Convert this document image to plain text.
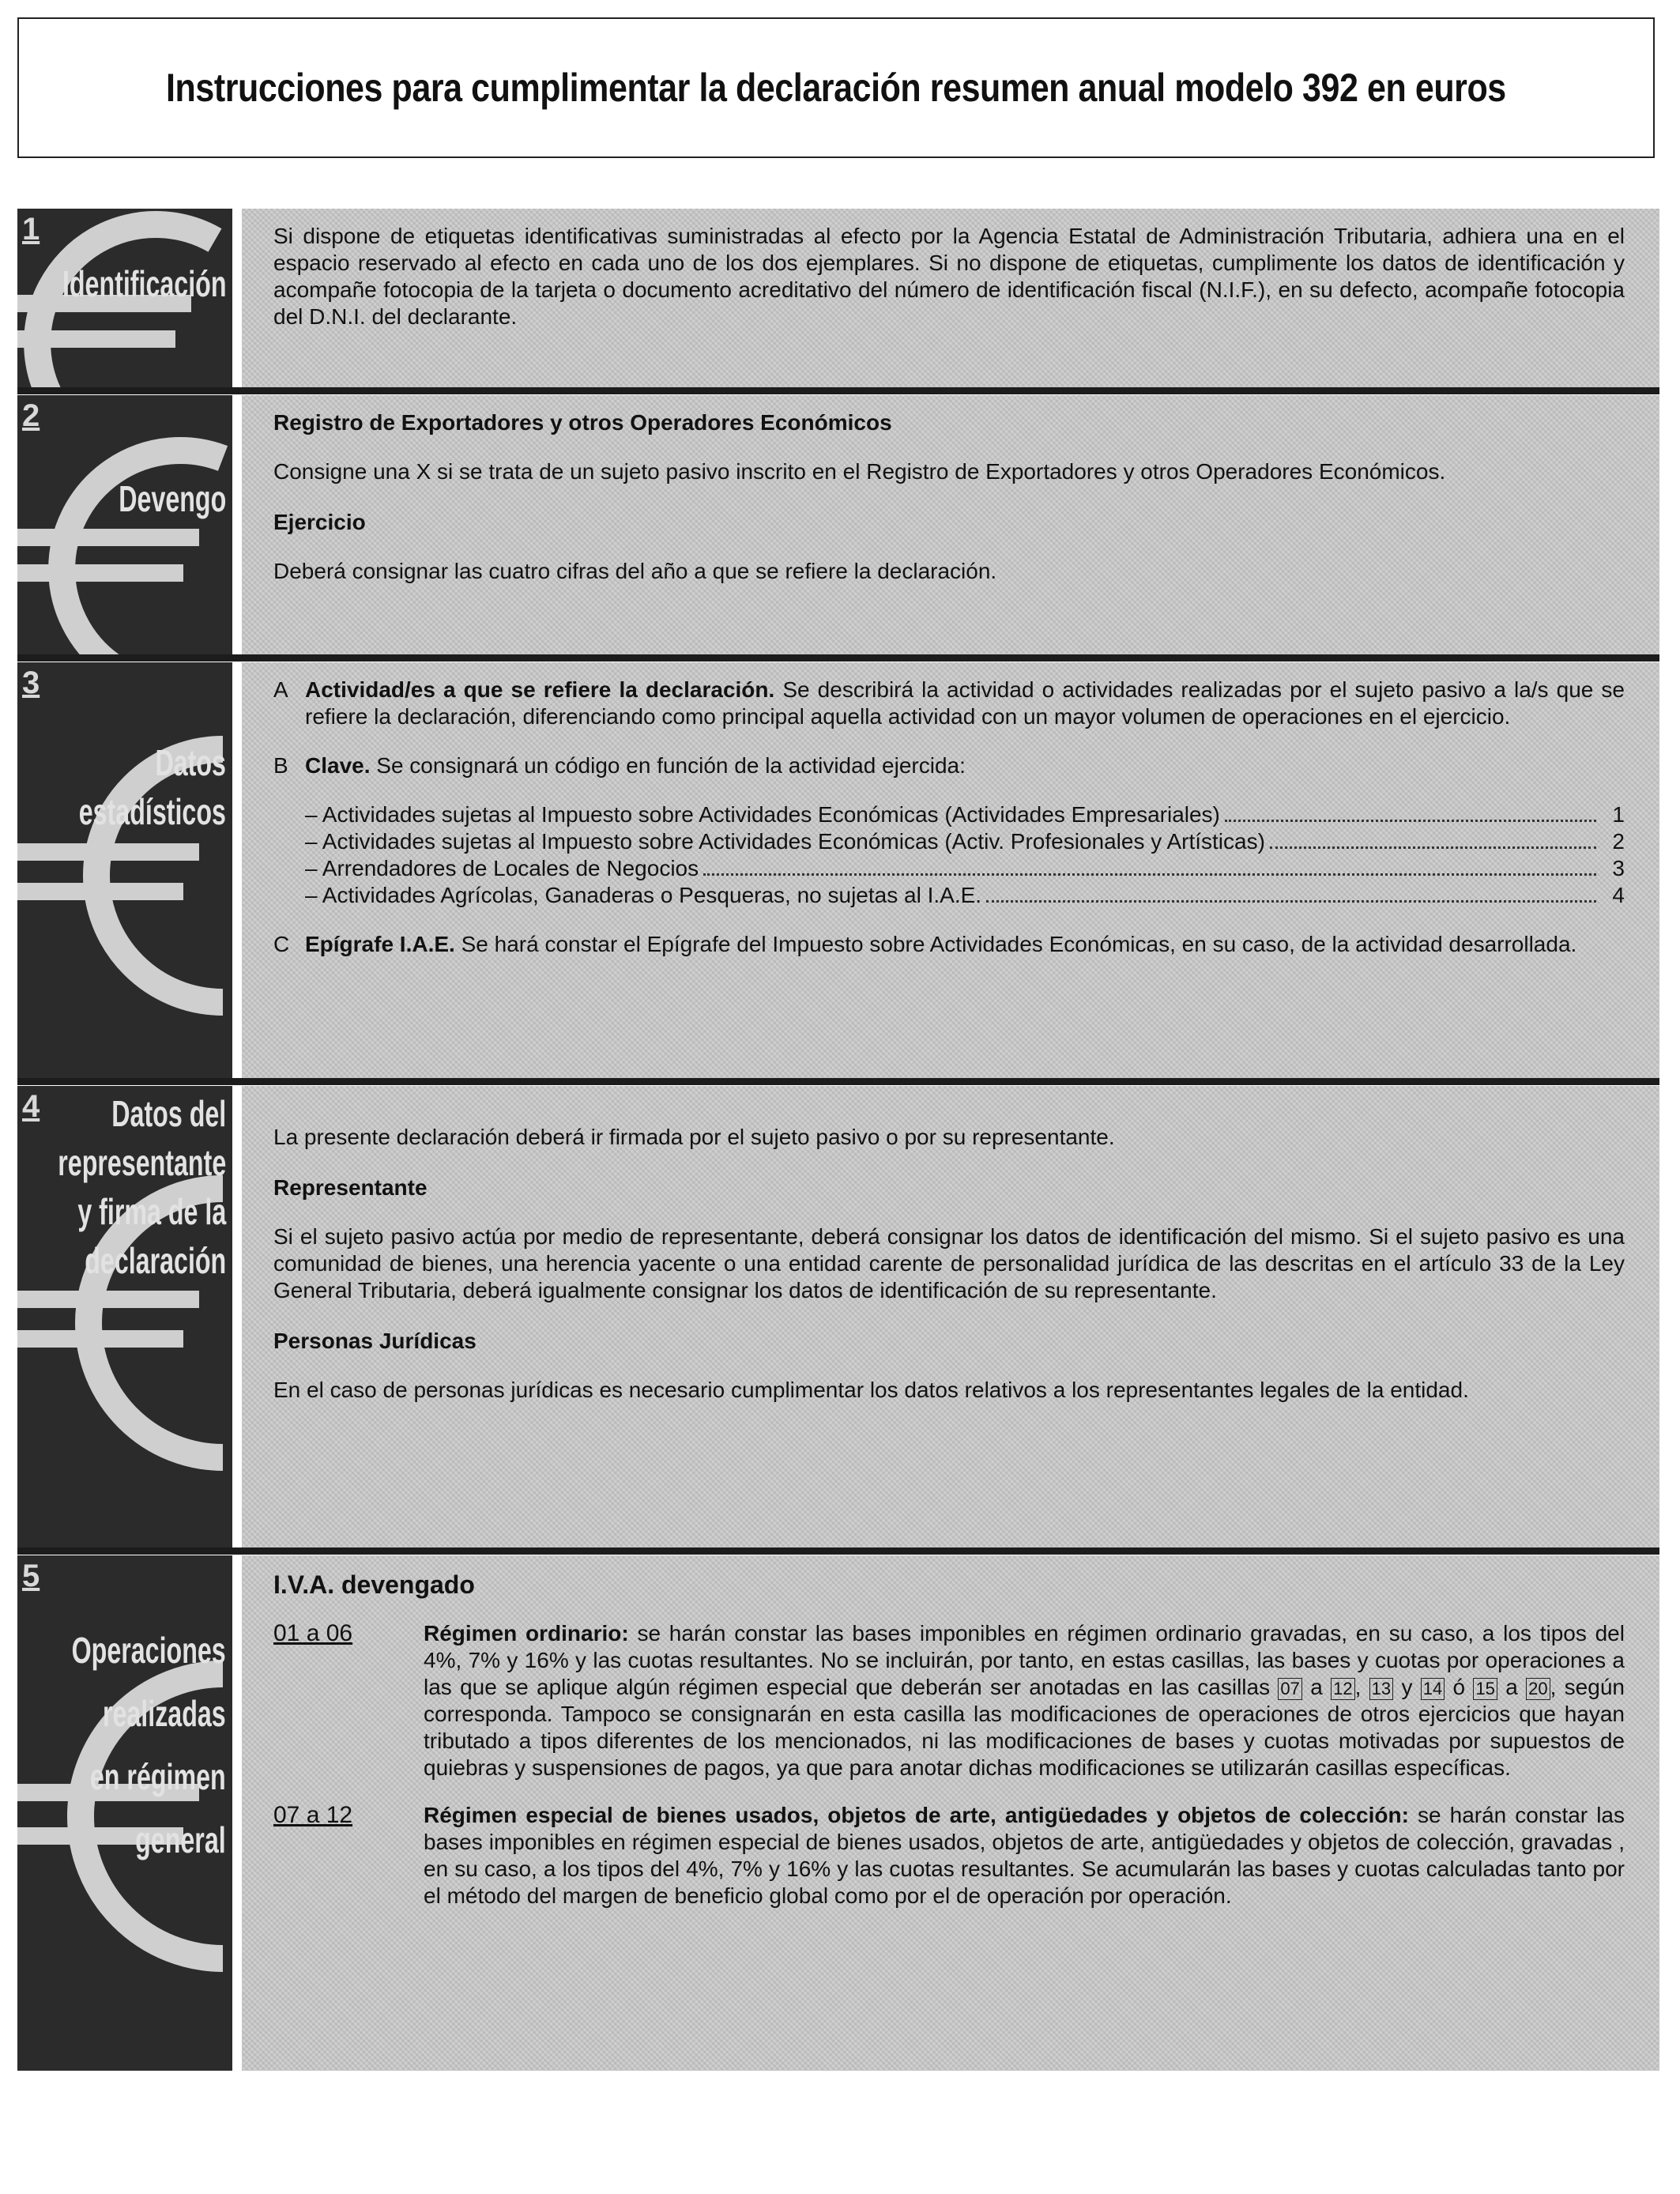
Instrucciones para cumplimentar la declaración resumen anual modelo 392 en euros
1
Identificación

Si dispone de etiquetas identificativas suministradas al efecto por la Agencia Estatal de Administración Tributaria, adhiera una en el espacio reservado al efecto en cada uno de los dos ejemplares. Si no dispone de etiquetas, cumplimente los datos de identificación y acompañe fotocopia de la tarjeta o documento acreditativo del número de identificación fiscal (N.I.F.), en su defecto, acompañe fotocopia del D.N.I. del declarante.

2
Devengo
Registro de Exportadores y otros Operadores Económicos

Consigne una X si se trata de un sujeto pasivo inscrito en el Registro de Exportadores y otros Operadores Económicos.

Ejercicio

Deberá consignar las cuatro cifras del año a que se refiere la declaración.

3
Datos
estadísticos
A Actividad/es a que se refiere la declaración. Se describirá la actividad o actividades realizadas por el sujeto pasivo a la/s que se refiere la declaración, diferenciando como principal aquella actividad con un mayor volumen de operaciones en el ejercicio.
B Clave. Se consignará un código en función de la actividad ejercida:
– Actividades sujetas al Impuesto sobre Actividades Económicas (Actividades Empresariales)	1
– Actividades sujetas al Impuesto sobre Actividades Económicas (Activ. Profesionales y Artísticas)	2
– Arrendadores de Locales de Negocios	3
– Actividades Agrícolas, Ganaderas o Pesqueras, no sujetas al I.A.E.	4
C Epígrafe I.A.E. Se hará constar el Epígrafe del Impuesto sobre Actividades Económicas, en su caso, de la actividad desarrollada.
4	Datos del
representante
y firma de la
declaración

La presente declaración deberá ir firmada por el sujeto pasivo o por su representante.

Representante

Si el sujeto pasivo actúa por medio de representante, deberá consignar los datos de identificación del mismo. Si el sujeto pasivo es una comunidad de bienes, una herencia yacente o una entidad carente de personalidad jurídica de las descritas en el artículo 33 de la Ley General Tributaria, deberá igualmente consignar los datos de identificación de su representante.

Personas Jurídicas

En el caso de personas jurídicas es necesario cumplimentar los datos relativos a los representantes legales de la entidad.

5
Operaciones
realizadas
en régimen
general
I.V.A. devengado
01 a 06	Régimen ordinario: se harán constar las bases imponibles en régimen ordinario gravadas, en su caso, a los tipos del 4%, 7% y 16% y las cuotas resultantes. No se incluirán, por tanto, en estas casillas, las bases y cuotas por operaciones a las que se aplique algún régimen especial que deberán ser anotadas en las casillas 07 a 12 , 13 y 14 ó 15 a 20 , según corresponda. Tampoco se consignarán en esta casilla las modificaciones de operaciones de otros ejercicios que hayan tributado a tipos diferentes de los mencionados, ni las modificaciones de bases y cuotas motivadas por supuestos de quiebras y suspensiones de pagos, ya que para anotar dichas modificaciones se utilizarán casillas específicas.
07 a 12	Régimen especial de bienes usados, objetos de arte, antigüedades y objetos de colección: se harán constar las bases imponibles en régimen especial de bienes usados, objetos de arte, antigüedades y objetos de colección, gravadas , en su caso, a los tipos del 4%, 7% y 16% y las cuotas resultantes. Se acumularán las bases y cuotas calculadas tanto por el método del margen de beneficio global como por el de operación por operación.
